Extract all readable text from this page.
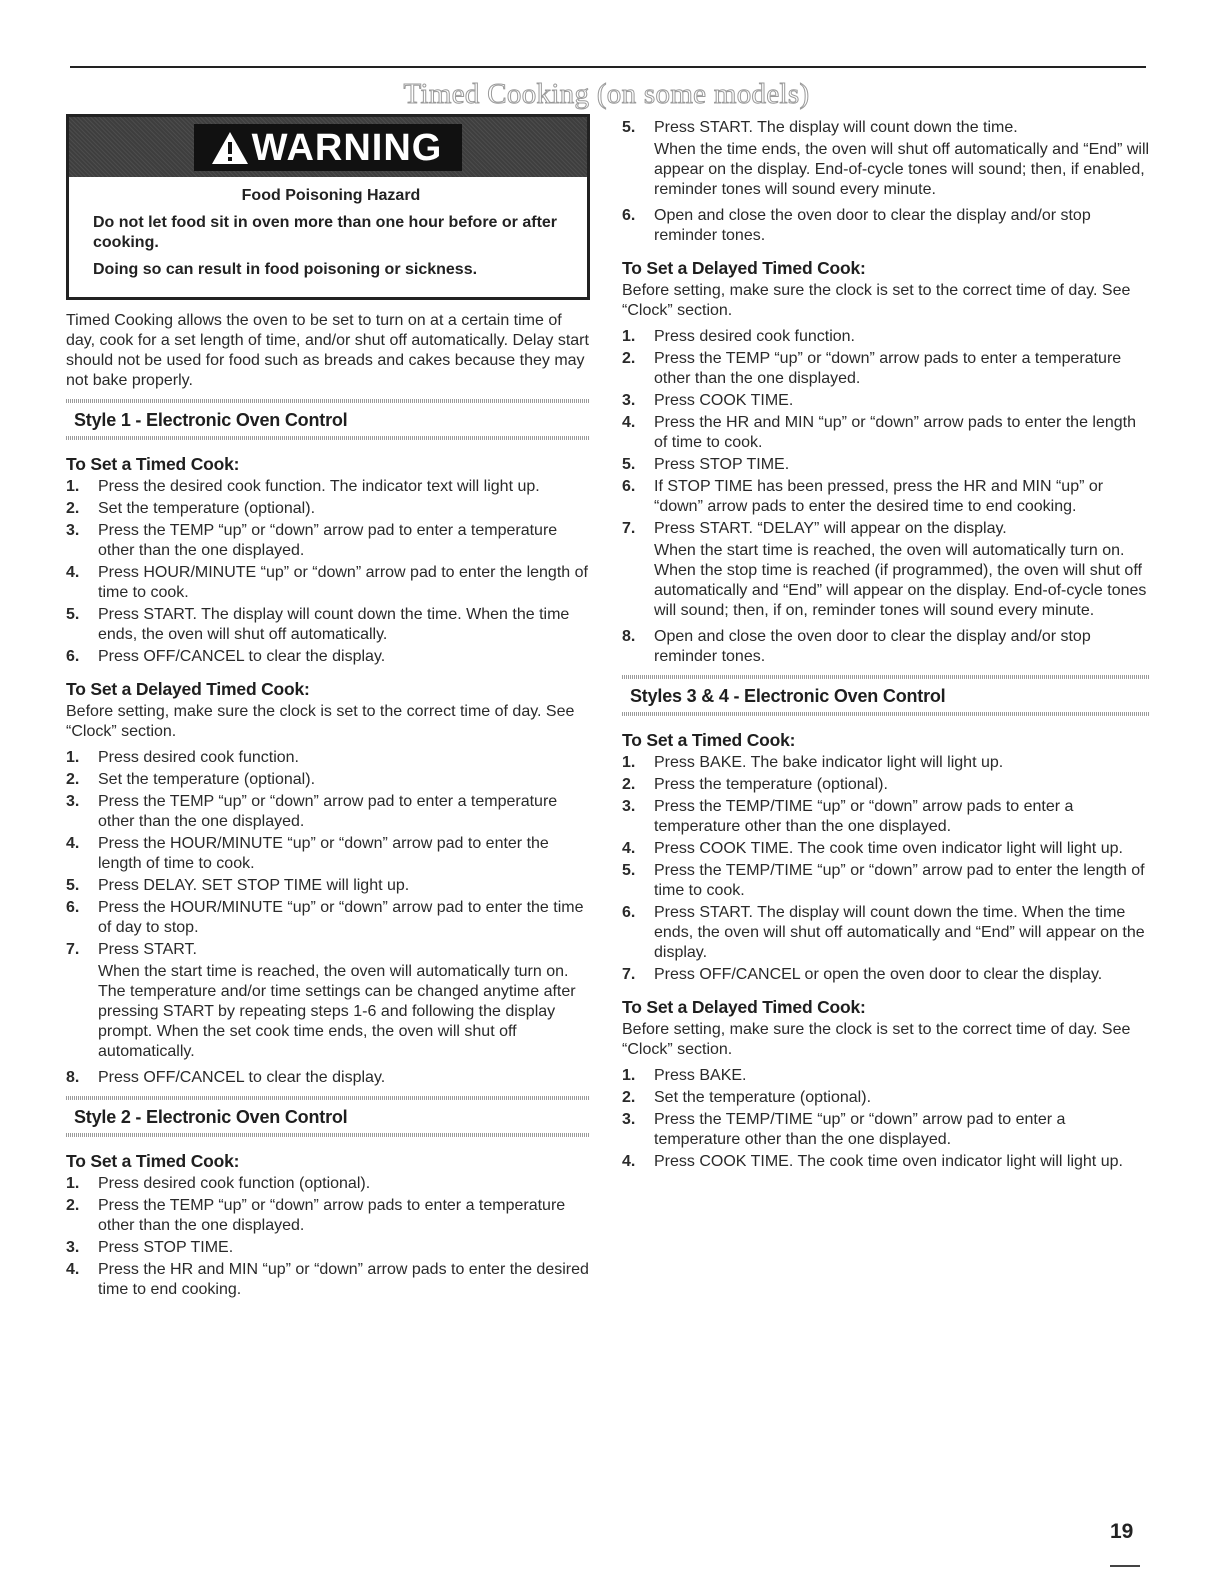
Timed Cooking (on some models)
WARNING

Food Poisoning Hazard

Do not let food sit in oven more than one hour before or after cooking.

Doing so can result in food poisoning or sickness.

Timed Cooking allows the oven to be set to turn on at a certain time of day, cook for a set length of time, and/or shut off automatically. Delay start should not be used for food such as breads and cakes because they may not bake properly.

Style 1 - Electronic Oven Control
To Set a Timed Cook:
1.	Press the desired cook function. The indicator text will light up.
2.	Set the temperature (optional).
3.	Press the TEMP “up” or “down” arrow pad to enter a temperature other than the one displayed.
4.	Press HOUR/MINUTE “up” or “down” arrow pad to enter the length of time to cook.
5.	Press START. The display will count down the time. When the time ends, the oven will shut off automatically.
6.	Press OFF/CANCEL to clear the display.
To Set a Delayed Timed Cook:

Before setting, make sure the clock is set to the correct time of day. See “Clock” section.

1.	Press desired cook function.
2.	Set the temperature (optional).
3.	Press the TEMP “up” or “down” arrow pad to enter a temperature other than the one displayed.
4.	Press the HOUR/MINUTE “up” or “down” arrow pad to enter the length of time to cook.
5.	Press DELAY. SET STOP TIME will light up.
6.	Press the HOUR/MINUTE “up” or “down” arrow pad to enter the time of day to stop.
7.	Press START.

When the start time is reached, the oven will automatically turn on. The temperature and/or time settings can be changed anytime after pressing START by repeating steps 1-6 and following the display prompt. When the set cook time ends, the oven will shut off automatically.

8.	Press OFF/CANCEL to clear the display.
Style 2 - Electronic Oven Control
To Set a Timed Cook:
1.	Press desired cook function (optional).
2.	Press the TEMP “up” or “down” arrow pads to enter a temperature other than the one displayed.
3.	Press STOP TIME.
4.	Press the HR and MIN “up” or “down” arrow pads to enter the desired time to end cooking.
5.	Press START. The display will count down the time.

When the time ends, the oven will shut off automatically and “End” will appear on the display. End-of-cycle tones will sound; then, if enabled, reminder tones will sound every minute.

6.	Open and close the oven door to clear the display and/or stop reminder tones.
To Set a Delayed Timed Cook:

Before setting, make sure the clock is set to the correct time of day. See “Clock” section.

1.	Press desired cook function.
2.	Press the TEMP “up” or “down” arrow pads to enter a temperature other than the one displayed.
3.	Press COOK TIME.
4.	Press the HR and MIN “up” or “down” arrow pads to enter the length of time to cook.
5.	Press STOP TIME.
6.	If STOP TIME has been pressed, press the HR and MIN “up” or “down” arrow pads to enter the desired time to end cooking.
7.	Press START. “DELAY” will appear on the display.

When the start time is reached, the oven will automatically turn on. When the stop time is reached (if programmed), the oven will shut off automatically and “End” will appear on the display. End-of-cycle tones will sound; then, if on, reminder tones will sound every minute.

8.	Open and close the oven door to clear the display and/or stop reminder tones.
Styles 3 & 4 - Electronic Oven Control
To Set a Timed Cook:
1.	Press BAKE. The bake indicator light will light up.
2.	Press the temperature (optional).
3.	Press the TEMP/TIME “up” or “down” arrow pads to enter a temperature other than the one displayed.
4.	Press COOK TIME. The cook time oven indicator light will light up.
5.	Press the TEMP/TIME “up” or “down” arrow pad to enter the length of time to cook.
6.	Press START. The display will count down the time. When the time ends, the oven will shut off automatically and “End” will appear on the display.
7.	Press OFF/CANCEL or open the oven door to clear the display.
To Set a Delayed Timed Cook:

Before setting, make sure the clock is set to the correct time of day. See “Clock” section.

1.	Press BAKE.
2.	Set the temperature (optional).
3.	Press the TEMP/TIME “up” or “down” arrow pad to enter a temperature other than the one displayed.
4.	Press COOK TIME. The cook time oven indicator light will light up.
19
